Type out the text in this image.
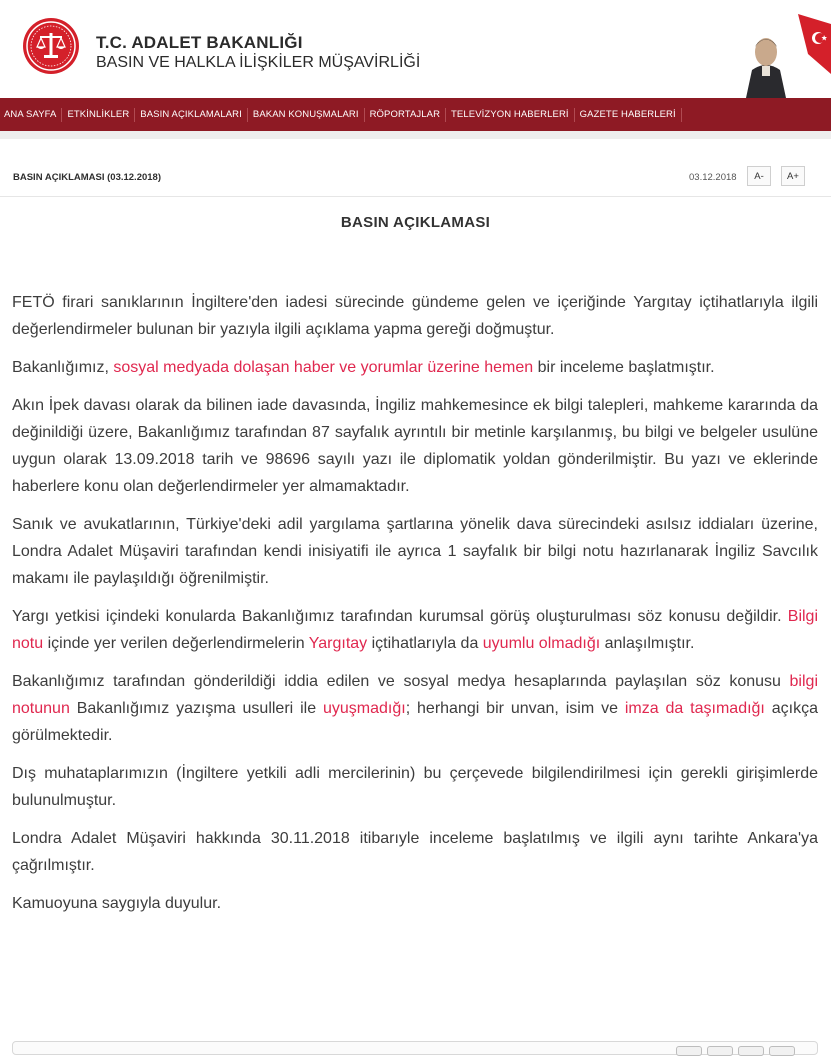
T.C. ADALET BAKANLIĞI
BASIN VE HALKLA İLİŞKİLER MÜŞAVİRLİĞİ
ANA SAYFA	ETKİNLİKLER	BASIN AÇIKLAMALARI	BAKAN KONUŞMALARI	RÖPORTAJLAR	TELEVİZYON HABERLERİ	GAZETE HABERLERİ
BASIN AÇIKLAMASI (03.12.2018)	03.12.2018	A-	A+
BASIN AÇIKLAMASI

FETÖ firari sanıklarının İngiltere'den iadesi sürecinde gündeme gelen ve içeriğinde Yargıtay içtihatlarıyla ilgili değerlendirmeler bulunan bir yazıyla ilgili açıklama yapma gereği doğmuştur.

Bakanlığımız, sosyal medyada dolaşan haber ve yorumlar üzerine hemen bir inceleme başlatmıştır.

Akın İpek davası olarak da bilinen iade davasında, İngiliz mahkemesince ek bilgi talepleri, mahkeme kararında da değinildiği üzere, Bakanlığımız tarafından 87 sayfalık ayrıntılı bir metinle karşılanmış, bu bilgi ve belgeler usulüne uygun olarak 13.09.2018 tarih ve 98696 sayılı yazı ile diplomatik yoldan gönderilmiştir. Bu yazı ve eklerinde haberlere konu olan değerlendirmeler yer almamaktadır.

Sanık ve avukatlarının, Türkiye'deki adil yargılama şartlarına yönelik dava sürecindeki asılsız iddiaları üzerine, Londra Adalet Müşaviri tarafından kendi inisiyatifi ile ayrıca 1 sayfalık bir bilgi notu hazırlanarak İngiliz Savcılık makamı ile paylaşıldığı öğrenilmiştir.

Yargı yetkisi içindeki konularda Bakanlığımız tarafından kurumsal görüş oluşturulması söz konusu değildir. Bilgi notu içinde yer verilen değerlendirmelerin Yargıtay içtihatlarıyla da uyumlu olmadığı anlaşılmıştır.

Bakanlığımız tarafından gönderildiği iddia edilen ve sosyal medya hesaplarında paylaşılan söz konusu bilgi notunun Bakanlığımız yazışma usulleri ile uyuşmadığı; herhangi bir unvan, isim ve imza da taşımadığı açıkça görülmektedir.

Dış muhataplarımızın (İngiltere yetkili adli mercilerinin) bu çerçevede bilgilendirilmesi için gerekli girişimlerde bulunulmuştur.

Londra Adalet Müşaviri hakkında 30.11.2018 itibarıyle inceleme başlatılmış ve ilgili aynı tarihte Ankara'ya çağrılmıştır.

Kamuoyuna saygıyla duyulur.
